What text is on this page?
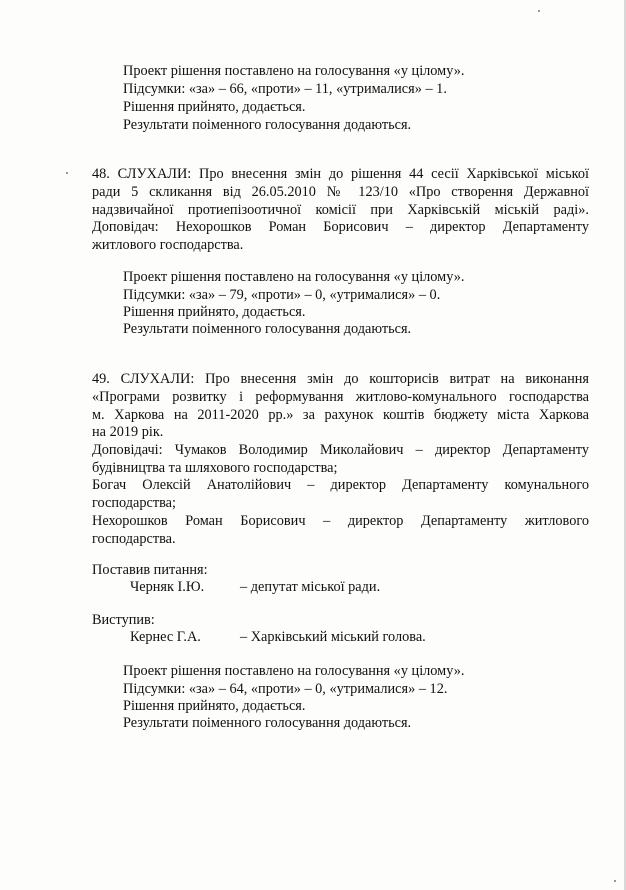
Проект рішення поставлено на голосування «у цілому».
Підсумки: «за» – 66, «проти» – 11, «утрималися» – 1.
Рішення прийнято, додається.
Результати поіменного голосування додаються.
48. СЛУХАЛИ: Про внесення змін до рішення 44 сесії Харківської міської
ради 5 скликання від 26.05.2010 № 123/10 «Про створення Державної
надзвичайної протиепізоотичної комісії при Харківській міській раді».
Доповідач: Нехорошков Роман Борисович – директор Департаменту
житлового господарства.
Проект рішення поставлено на голосування «у цілому».
Підсумки: «за» – 79, «проти» – 0, «утрималися» – 0.
Рішення прийнято, додається.
Результати поіменного голосування додаються.
49. СЛУХАЛИ: Про внесення змін до кошторисів витрат на виконання
«Програми розвитку і реформування житлово-комунального господарства
м. Харкова на 2011-2020 рр.» за рахунок коштів бюджету міста Харкова
на 2019 рік.
Доповідачі: Чумаков Володимир Миколайович – директор Департаменту
будівництва та шляхового господарства;
Богач Олексій Анатолійович – директор Департаменту комунального
господарства;
Нехорошков Роман Борисович – директор Департаменту житлового
господарства.
Поставив питання:
Черняк І.Ю.	– депутат міської ради.
Виступив:
Кернес Г.А.	– Харківський міський голова.
Проект рішення поставлено на голосування «у цілому».
Підсумки: «за» – 64, «проти» – 0, «утрималися» – 12.
Рішення прийнято, додається.
Результати поіменного голосування додаються.
